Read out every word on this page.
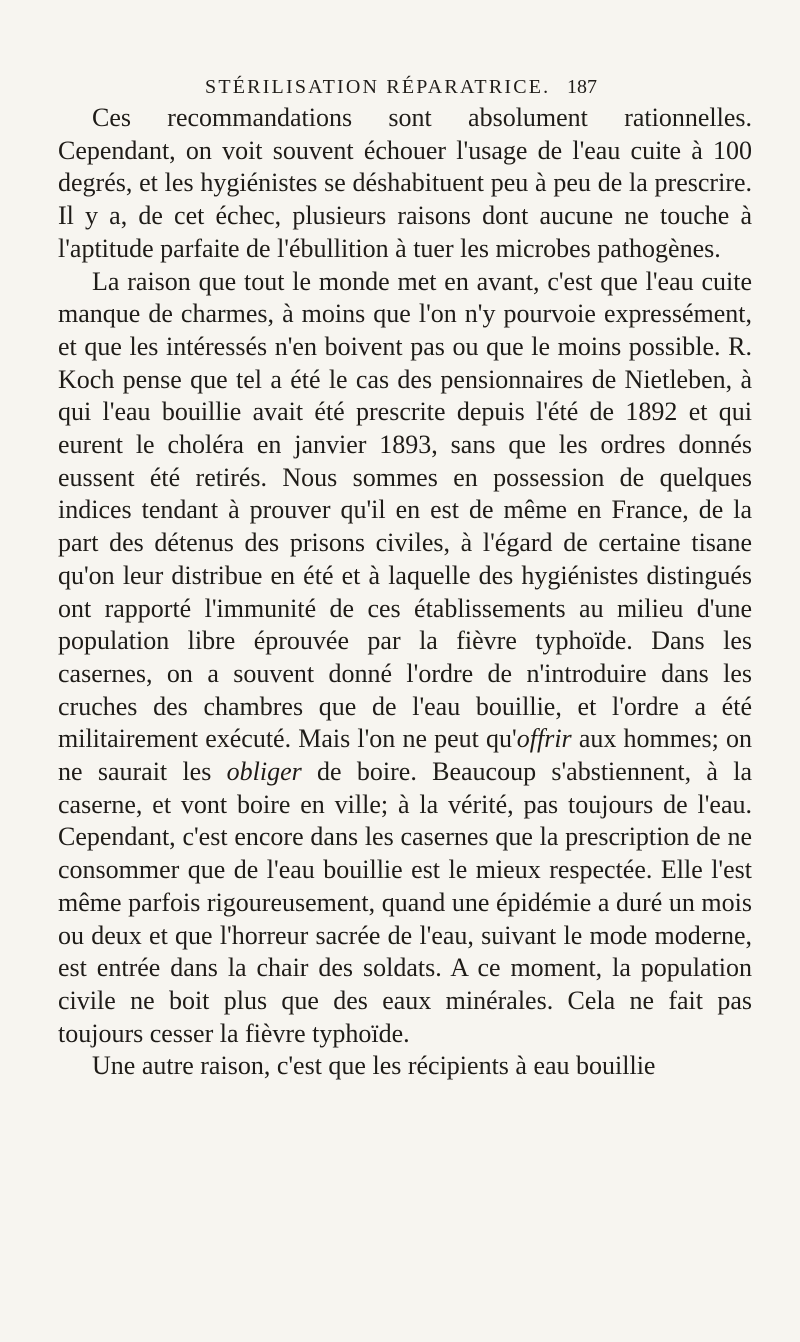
STÉRILISATION RÉPARATRICE. 187

Ces recommandations sont absolument rationnelles. Cependant, on voit souvent échouer l'usage de l'eau cuite à 100 degrés, et les hygiénistes se déshabituent peu à peu de la prescrire. Il y a, de cet échec, plusieurs raisons dont aucune ne touche à l'aptitude parfaite de l'ébullition à tuer les microbes pathogènes.

La raison que tout le monde met en avant, c'est que l'eau cuite manque de charmes, à moins que l'on n'y pourvoie expressément, et que les intéressés n'en boivent pas ou que le moins possible. R. Koch pense que tel a été le cas des pensionnaires de Nietleben, à qui l'eau bouillie avait été prescrite depuis l'été de 1892 et qui eurent le choléra en janvier 1893, sans que les ordres donnés eussent été retirés. Nous sommes en possession de quelques indices tendant à prouver qu'il en est de même en France, de la part des détenus des prisons civiles, à l'égard de certaine tisane qu'on leur distribue en été et à laquelle des hygiénistes distingués ont rapporté l'immunité de ces établissements au milieu d'une population libre éprouvée par la fièvre typhoïde. Dans les casernes, on a souvent donné l'ordre de n'introduire dans les cruches des chambres que de l'eau bouillie, et l'ordre a été militairement exécuté. Mais l'on ne peut qu'offrir aux hommes; on ne saurait les obliger de boire. Beaucoup s'abstiennent, à la caserne, et vont boire en ville; à la vérité, pas toujours de l'eau. Cependant, c'est encore dans les casernes que la prescription de ne consommer que de l'eau bouillie est le mieux respectée. Elle l'est même parfois rigoureusement, quand une épidémie a duré un mois ou deux et que l'horreur sacrée de l'eau, suivant le mode moderne, est entrée dans la chair des soldats. A ce moment, la population civile ne boit plus que des eaux minérales. Cela ne fait pas toujours cesser la fièvre typhoïde.

Une autre raison, c'est que les récipients à eau bouillie
